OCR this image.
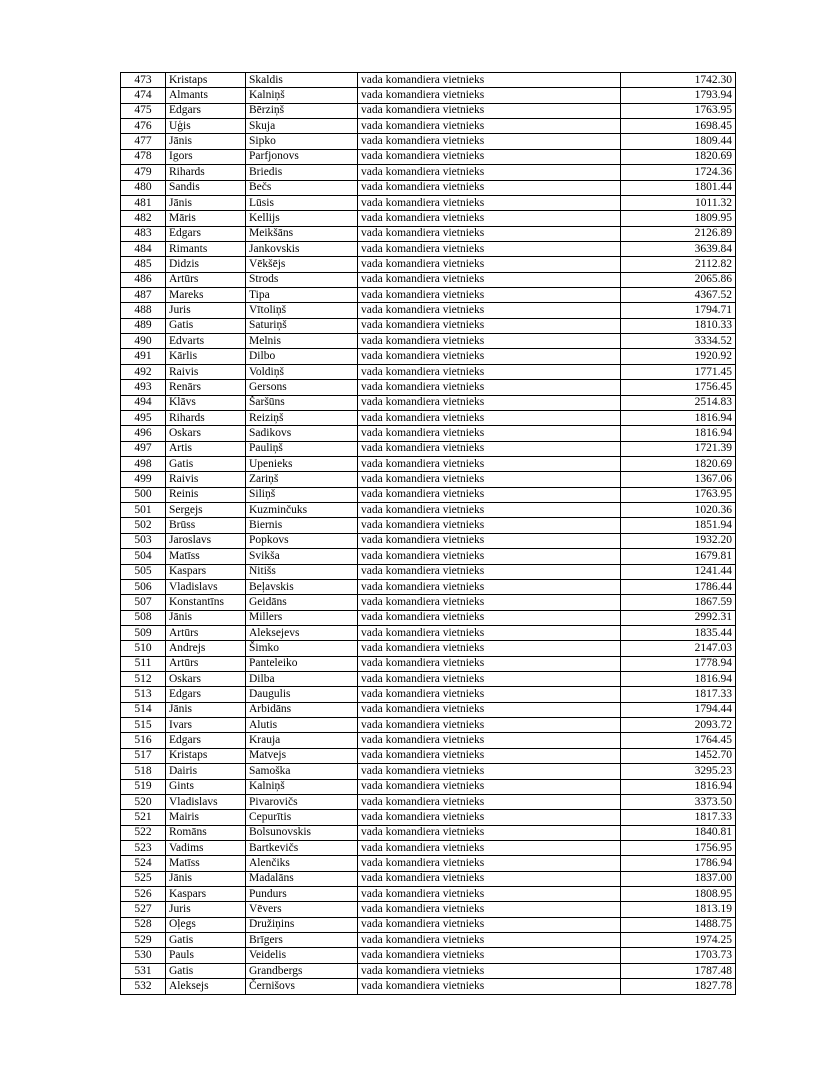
473	Kristaps	Skaldis	vada komandiera vietnieks	1742.30
474	Almants	Kalniņš	vada komandiera vietnieks	1793.94
475	Edgars	Bērziņš	vada komandiera vietnieks	1763.95
476	Uģis	Skuja	vada komandiera vietnieks	1698.45
477	Jānis	Sipko	vada komandiera vietnieks	1809.44
478	Igors	Parfjonovs	vada komandiera vietnieks	1820.69
479	Rihards	Briedis	vada komandiera vietnieks	1724.36
480	Sandis	Bečs	vada komandiera vietnieks	1801.44
481	Jānis	Lūsis	vada komandiera vietnieks	1011.32
482	Māris	Kellijs	vada komandiera vietnieks	1809.95
483	Edgars	Meikšāns	vada komandiera vietnieks	2126.89
484	Rimants	Jankovskis	vada komandiera vietnieks	3639.84
485	Didzis	Vēkšējs	vada komandiera vietnieks	2112.82
486	Artūrs	Strods	vada komandiera vietnieks	2065.86
487	Mareks	Tipa	vada komandiera vietnieks	4367.52
488	Juris	Vītoliņš	vada komandiera vietnieks	1794.71
489	Gatis	Saturiņš	vada komandiera vietnieks	1810.33
490	Edvarts	Melnis	vada komandiera vietnieks	3334.52
491	Kārlis	Dilbo	vada komandiera vietnieks	1920.92
492	Raivis	Voldiņš	vada komandiera vietnieks	1771.45
493	Renārs	Gersons	vada komandiera vietnieks	1756.45
494	Klāvs	Šaršūns	vada komandiera vietnieks	2514.83
495	Rihards	Reiziņš	vada komandiera vietnieks	1816.94
496	Oskars	Sadikovs	vada komandiera vietnieks	1816.94
497	Artis	Pauliņš	vada komandiera vietnieks	1721.39
498	Gatis	Upenieks	vada komandiera vietnieks	1820.69
499	Raivis	Zariņš	vada komandiera vietnieks	1367.06
500	Reinis	Siliņš	vada komandiera vietnieks	1763.95
501	Sergejs	Kuzminčuks	vada komandiera vietnieks	1020.36
502	Brūss	Biernis	vada komandiera vietnieks	1851.94
503	Jaroslavs	Popkovs	vada komandiera vietnieks	1932.20
504	Matīss	Svikša	vada komandiera vietnieks	1679.81
505	Kaspars	Nitišs	vada komandiera vietnieks	1241.44
506	Vladislavs	Beļavskis	vada komandiera vietnieks	1786.44
507	Konstantīns	Geidāns	vada komandiera vietnieks	1867.59
508	Jānis	Millers	vada komandiera vietnieks	2992.31
509	Artūrs	Aleksejevs	vada komandiera vietnieks	1835.44
510	Andrejs	Šimko	vada komandiera vietnieks	2147.03
511	Artūrs	Panteleiko	vada komandiera vietnieks	1778.94
512	Oskars	Dilba	vada komandiera vietnieks	1816.94
513	Edgars	Daugulis	vada komandiera vietnieks	1817.33
514	Jānis	Arbidāns	vada komandiera vietnieks	1794.44
515	Ivars	Alutis	vada komandiera vietnieks	2093.72
516	Edgars	Krauja	vada komandiera vietnieks	1764.45
517	Kristaps	Matvejs	vada komandiera vietnieks	1452.70
518	Dairis	Samoška	vada komandiera vietnieks	3295.23
519	Gints	Kalniņš	vada komandiera vietnieks	1816.94
520	Vladislavs	Pivarovičs	vada komandiera vietnieks	3373.50
521	Mairis	Cepurītis	vada komandiera vietnieks	1817.33
522	Romāns	Bolsunovskis	vada komandiera vietnieks	1840.81
523	Vadims	Bartkevičs	vada komandiera vietnieks	1756.95
524	Matīss	Alenčiks	vada komandiera vietnieks	1786.94
525	Jānis	Madalāns	vada komandiera vietnieks	1837.00
526	Kaspars	Pundurs	vada komandiera vietnieks	1808.95
527	Juris	Vēvers	vada komandiera vietnieks	1813.19
528	Oļegs	Družiņins	vada komandiera vietnieks	1488.75
529	Gatis	Brīgers	vada komandiera vietnieks	1974.25
530	Pauls	Veidelis	vada komandiera vietnieks	1703.73
531	Gatis	Grandbergs	vada komandiera vietnieks	1787.48
532	Aleksejs	Černišovs	vada komandiera vietnieks	1827.78
